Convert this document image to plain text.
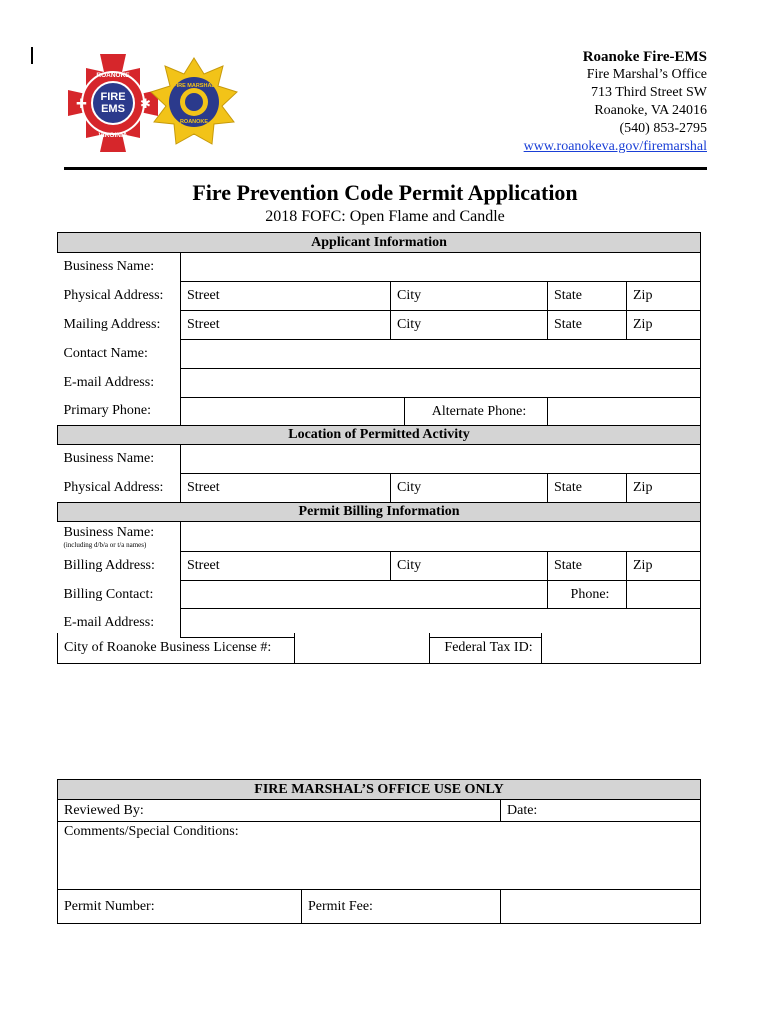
FIRE
EMS
ROANOKE
VIRGINIA
✚	✱
FIRE MARSHAL
ROANOKE
Roanoke Fire-EMS
Fire Marshal’s Office
713 Third Street SW
Roanoke, VA 24016
(540) 853-2795
www.roanokeva.gov/firemarshal
Fire Prevention Code Permit Application
2018 FOFC: Open Flame and Candle
Applicant Information					
Business Name:					
Physical Address:	Street	City		State	Zip
Mailing Address:	Street	City		State	Zip
Contact Name:					
E-mail Address:					
Primary Phone:			Alternate Phone:		
Location of Permitted Activity					
Business Name:					
Physical Address:	Street	City		State	Zip
Permit Billing Information					
Business Name:
(including d/b/a or t/a names)					

Billing Address:	Street	City		State	Zip
Billing Contact:				Phone:	
E-mail Address:					
City of Roanoke Business License #:		Federal Tax ID:	
FIRE MARSHAL’S OFFICE USE ONLY		
Reviewed By:		Date:
Comments/Special Conditions:		
Permit Number:	Permit Fee:	
